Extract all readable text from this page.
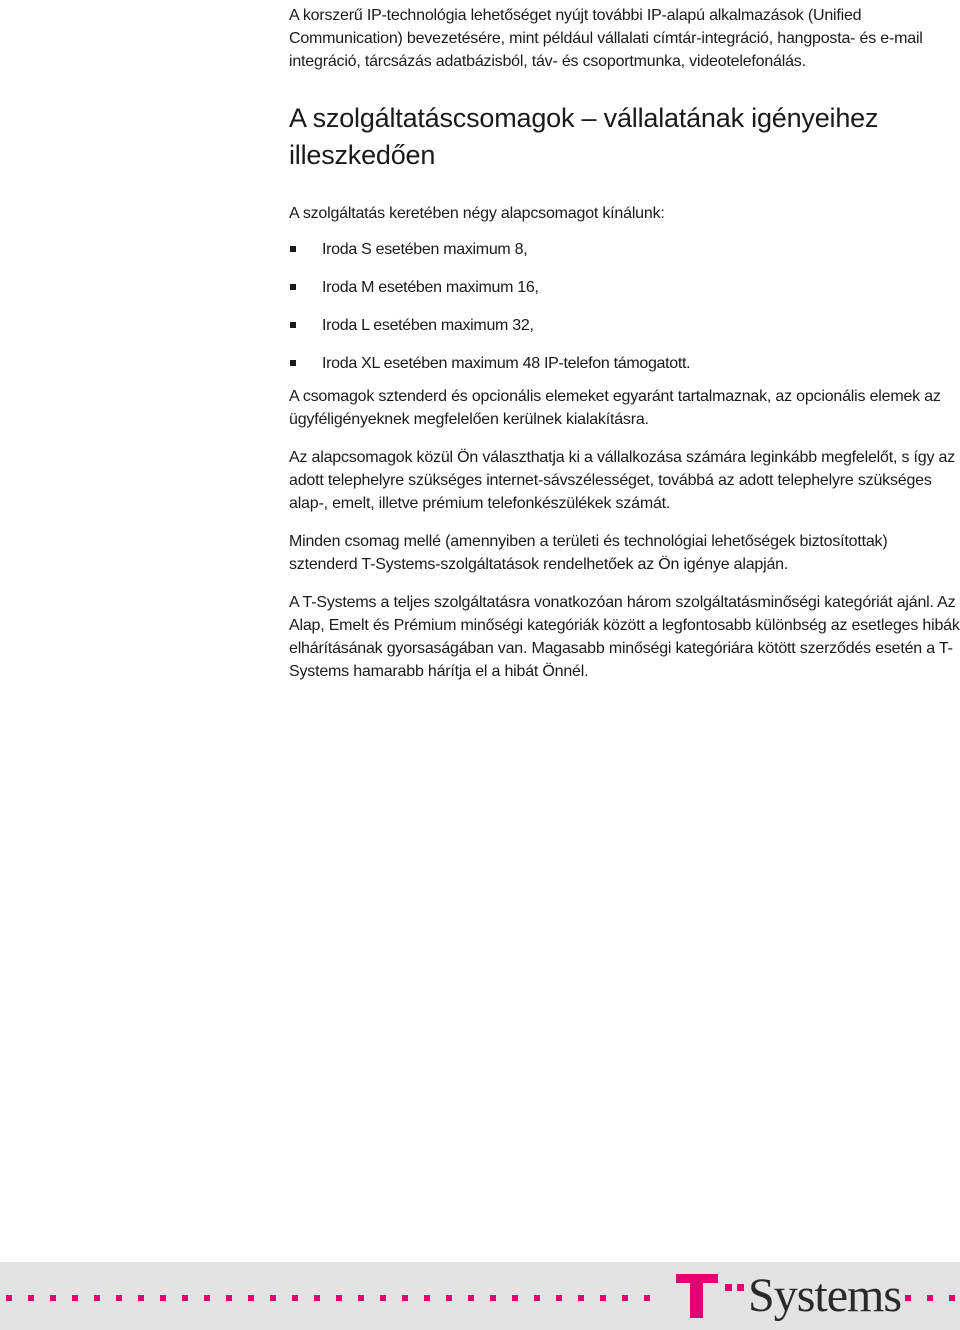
A korszerű IP-technológia lehetőséget nyújt további IP-alapú alkalmazások (Unified Communication) bevezetésére, mint például vállalati címtár-integráció, hangposta- és e-mail integráció, tárcsázás adatbázisból, táv- és csoportmunka, videotelefonálás.

A szolgáltatáscsomagok – vállalatának igényeihez illeszkedően

A szolgáltatás keretében négy alapcsomagot kínálunk:

Iroda S esetében maximum 8,
Iroda M esetében maximum 16,
Iroda L esetében maximum 32,
Iroda XL esetében maximum 48 IP-telefon támogatott.

A csomagok sztenderd és opcionális elemeket egyaránt tartalmaznak, az opcionális elemek az ügyféligényeknek megfelelően kerülnek kialakításra.

Az alapcsomagok közül Ön választhatja ki a vállalkozása számára leginkább megfelelőt, s így az adott telephelyre szükséges internet-sávszélességet, továbbá az adott telephelyre szükséges alap-, emelt, illetve prémium telefonkészülékek számát.

Minden csomag mellé (amennyiben a területi és technológiai lehetőségek biztosítottak) sztenderd T-Systems-szolgáltatások rendelhetőek az Ön igénye alapján.

A T-Systems a teljes szolgáltatásra vonatkozóan három szolgáltatásminőségi kategóriát ajánl. Az Alap, Emelt és Prémium minőségi kategóriák között a legfontosabb különbség az esetleges hibák elhárításának gyorsaságában van. Magasabb minőségi kategóriára kötött szerződés esetén a T-Systems hamarabb hárítja el a hibát Önnél.

Systems
